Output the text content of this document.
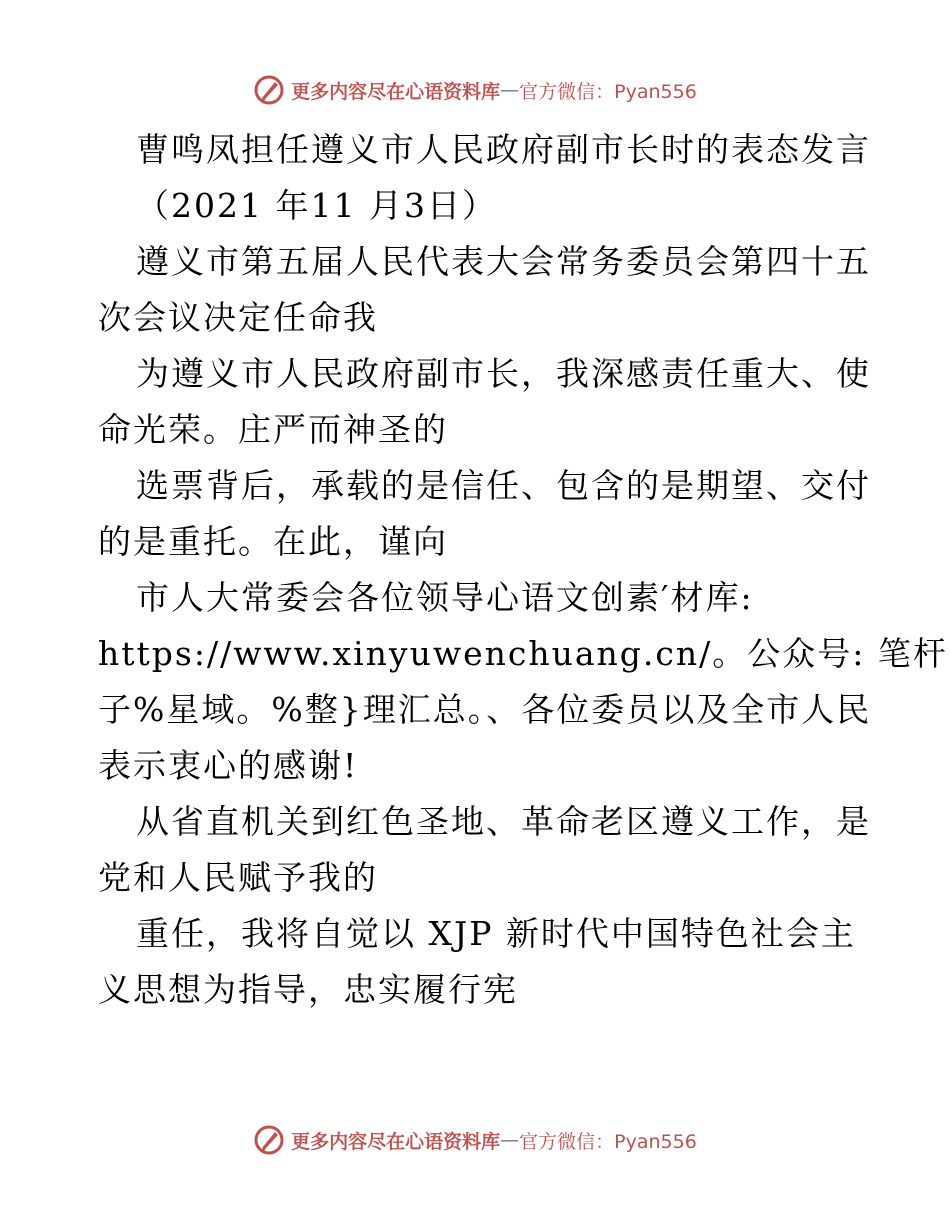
更多内容尽在心语资料库 — 官方微信：Pyan556
曹鸣凤担任遵义市人民政府副市长时的表态发言
（2021 年11 月3日）
遵义市第五届人民代表大会常务委员会第四十五
次会议决定任命我
为遵义市人民政府副市长，我深感责任重大、使
命光荣。庄严而神圣的
选票背后，承载的是信任、包含的是期望、交付
的是重托。在此，谨向
市人大常委会各位领导心语文创素′材库:
https://www.xinyuwenchuang.cn/。公众号: 笔杆
子%星域。%整}理汇总。、各位委员以及全市人民
表示衷心的感谢!
从省直机关到红色圣地、革命老区遵义工作，是
党和人民赋予我的
重任，我将自觉以 XJP 新时代中国特色社会主
义思想为指导，忠实履行宪
更多内容尽在心语资料库 — 官方微信：Pyan556
